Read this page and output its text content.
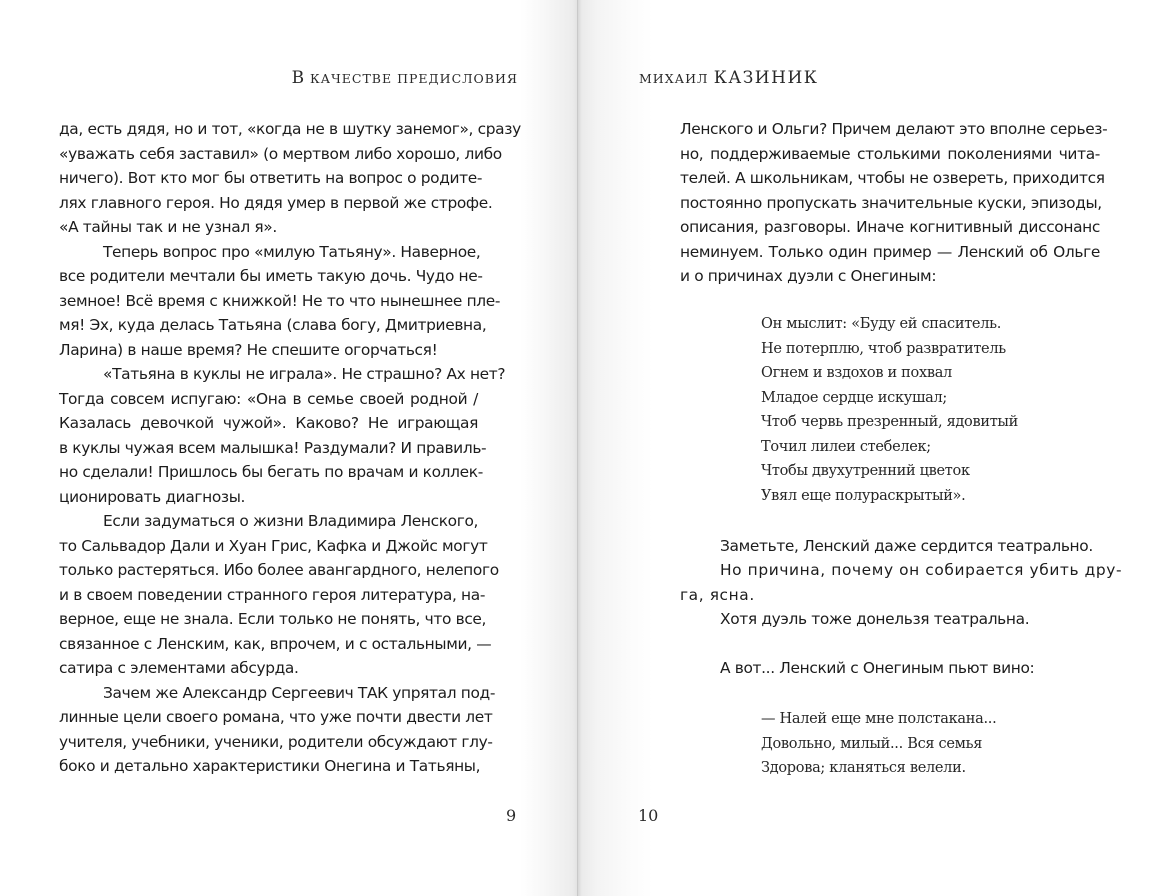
В КАЧЕСТВЕ ПРЕДИСЛОВИЯ
да, есть дядя, но и тот, «когда не в шутку занемог», сразу
«уважать себя заставил» (о мертвом либо хорошо, либо
ничего). Вот кто мог бы ответить на вопрос о родите-
лях главного героя. Но дядя умер в первой же строфе.
«А тайны так и не узнал я».
Теперь вопрос про «милую Татьяну». Наверное,
все родители мечтали бы иметь такую дочь. Чудо не-
земное! Всё время с книжкой! Не то что нынешнее пле-
мя! Эх, куда делась Татьяна (слава богу, Дмитриевна,
Ларина) в наше время? Не спешите огорчаться!
«Татьяна в куклы не играла». Не страшно? Ах нет?
Тогда совсем испугаю: «Она в семье своей родной /
Казалась девочкой чужой». Каково? Не играющая
в куклы чужая всем малышка! Раздумали? И правиль-
но сделали! Пришлось бы бегать по врачам и коллек-
ционировать диагнозы.
Если задуматься о жизни Владимира Ленского,
то Сальвадор Дали и Хуан Грис, Кафка и Джойс могут
только растеряться. Ибо более авангардного, нелепого
и в своем поведении странного героя литература, на-
верное, еще не знала. Если только не понять, что все,
связанное с Ленским, как, впрочем, и с остальными, —
сатира с элементами абсурда.
Зачем же Александр Сергеевич ТАК упрятал под-
линные цели своего романа, что уже почти двести лет
учителя, учебники, ученики, родители обсуждают глу-
боко и детально характеристики Онегина и Татьяны,
9
МИХАИЛ КАЗИНИК
Ленского и Ольги? Причем делают это вполне серьез-
но, поддерживаемые столькими поколениями чита-
телей. А школьникам, чтобы не озвереть, приходится
постоянно пропускать значительные куски, эпизоды,
описания, разговоры. Иначе когнитивный диссонанс
неминуем. Только один пример — Ленский об Ольге
и о причинах дуэли с Онегиным:
Он мыслит: «Буду ей спаситель.
Не потерплю, чтоб развратитель
Огнем и вздохов и похвал
Младое сердце искушал;
Чтоб червь презренный, ядовитый
Точил лилеи стебелек;
Чтобы двухутренний цветок
Увял еще полураскрытый».
Заметьте, Ленский даже сердится театрально.
Но причина, почему он собирается убить дру-
га, ясна.
Хотя дуэль тоже донельзя театральна.
А вот... Ленский с Онегиным пьют вино:
— Налей еще мне полстакана...
Довольно, милый... Вся семья
Здорова; кланяться велели.
10
